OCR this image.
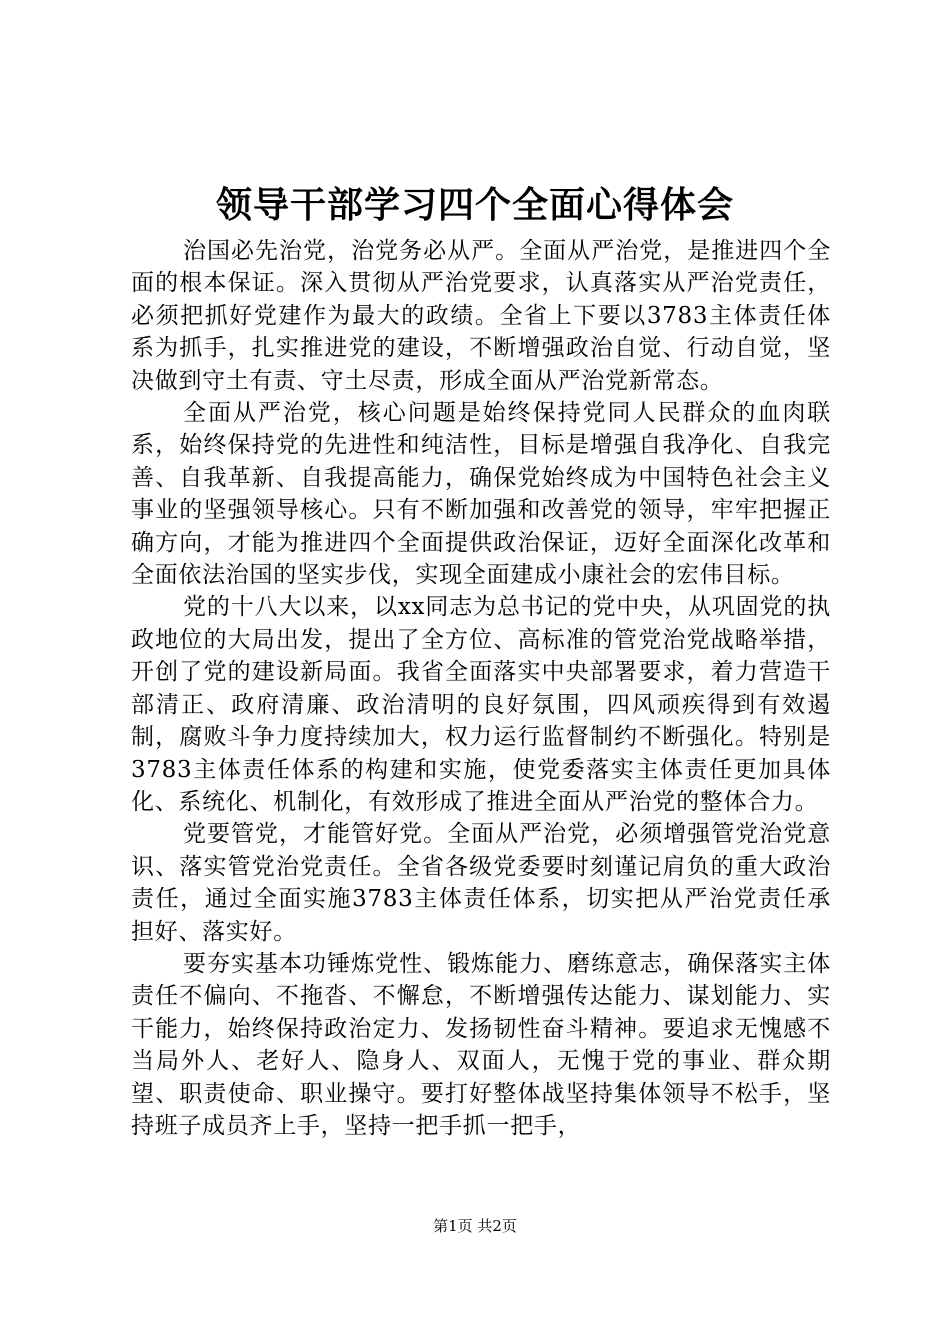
领导干部学习四个全面心得体会

治国必先治党，治党务必从严。全面从严治党，是推进四个全面的根本保证。深入贯彻从严治党要求，认真落实从严治党责任，必须把抓好党建作为最大的政绩。全省上下要以3783主体责任体系为抓手，扎实推进党的建设，不断增强政治自觉、行动自觉，坚决做到守土有责、守土尽责，形成全面从严治党新常态。

全面从严治党，核心问题是始终保持党同人民群众的血肉联系，始终保持党的先进性和纯洁性，目标是增强自我净化、自我完善、自我革新、自我提高能力，确保党始终成为中国特色社会主义事业的坚强领导核心。只有不断加强和改善党的领导，牢牢把握正确方向，才能为推进四个全面提供政治保证，迈好全面深化改革和全面依法治国的坚实步伐，实现全面建成小康社会的宏伟目标。

党的十八大以来，以xx同志为总书记的党中央，从巩固党的执政地位的大局出发，提出了全方位、高标准的管党治党战略举措，开创了党的建设新局面。我省全面落实中央部署要求，着力营造干部清正、政府清廉、政治清明的良好氛围，四风顽疾得到有效遏制，腐败斗争力度持续加大，权力运行监督制约不断强化。特别是3783主体责任体系的构建和实施，使党委落实主体责任更加具体化、系统化、机制化，有效形成了推进全面从严治党的整体合力。

党要管党，才能管好党。全面从严治党，必须增强管党治党意识、落实管党治党责任。全省各级党委要时刻谨记肩负的重大政治责任，通过全面实施3783主体责任体系，切实把从严治党责任承担好、落实好。

要夯实基本功锤炼党性、锻炼能力、磨练意志，确保落实主体责任不偏向、不拖沓、不懈怠，不断增强传达能力、谋划能力、实干能力，始终保持政治定力、发扬韧性奋斗精神。要追求无愧感不当局外人、老好人、隐身人、双面人，无愧于党的事业、群众期望、职责使命、职业操守。要打好整体战坚持集体领导不松手，坚持班子成员齐上手，坚持一把手抓一把手，

第1页 共2页
